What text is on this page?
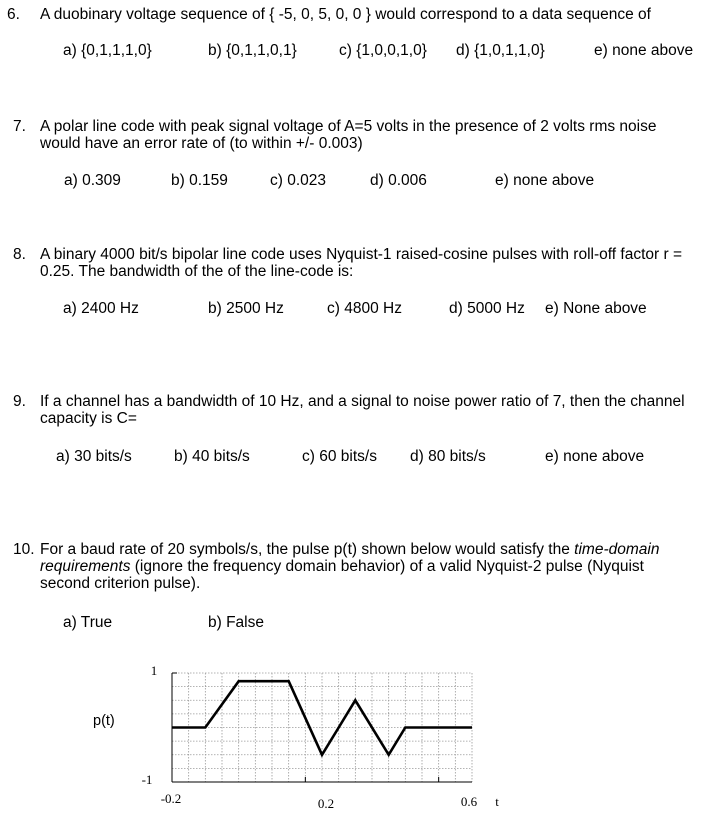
6. A duobinary voltage sequence of { -5, 0, 5, 0, 0 } would correspond to a data sequence of
a) {0,1,1,1,0}	b) {0,1,1,0,1}	c) {1,0,0,1,0} d) {1,0,1,1,0}	e) none above
7. A polar line code with peak signal voltage of A=5 volts in the presence of 2 volts rms noise would have an error rate of (to within +/- 0.003)
a) 0.309	b) 0.159	c) 0.023	d) 0.006	e) none above
8. A binary 4000 bit/s bipolar line code uses Nyquist-1 raised-cosine pulses with roll-off factor r = 0.25. The bandwidth of the of the line-code is:
a) 2400 Hz	b) 2500 Hz	c) 4800 Hz	d) 5000 Hz e) None above
9. If a channel has a bandwidth of 10 Hz, and a signal to noise power ratio of 7, then the channel capacity is C=
a) 30 bits/s	b) 40 bits/s	c) 60 bits/s d) 80 bits/s	e) none above
10. For a baud rate of 20 symbols/s, the pulse p(t) shown below would satisfy the time-domain requirements (ignore the frequency domain behavior) of a valid Nyquist-2 pulse (Nyquist second criterion pulse).
a) True	b) False
p(t)
1
-1
-0.2	0.2	0.6 t
